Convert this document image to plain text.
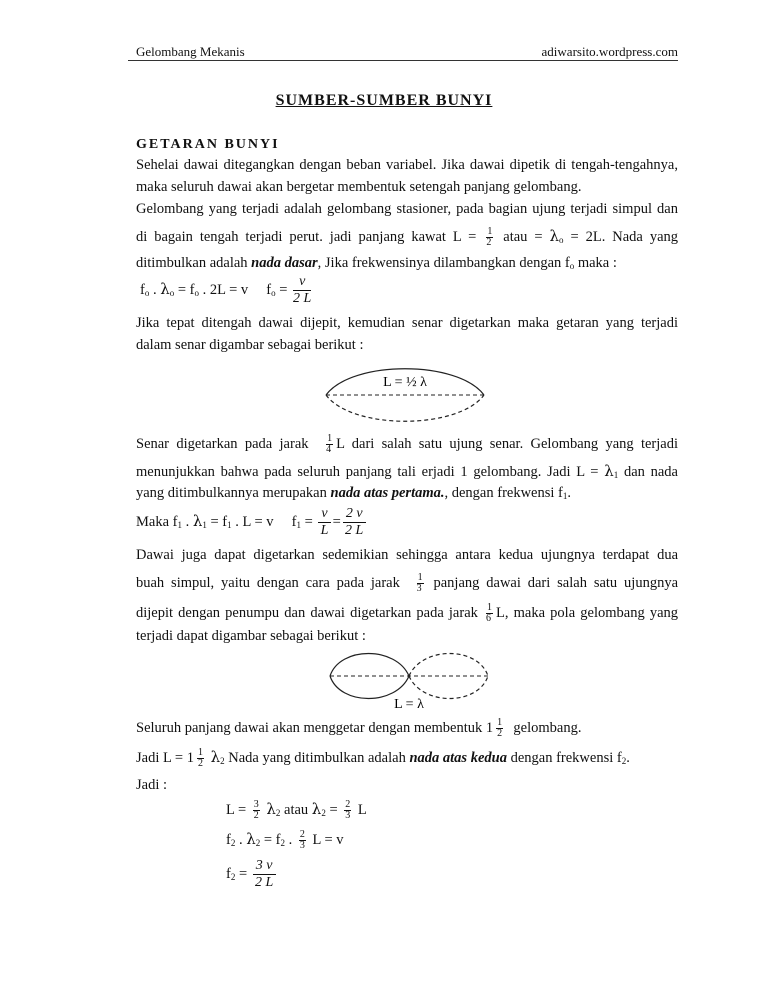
Gelombang Mekanis	adiwarsito.wordpress.com
SUMBER-SUMBER BUNYI
GETARAN BUNYI
Sehelai dawai ditegangkan dengan beban variabel. Jika dawai dipetik di tengah-tengahnya,
maka seluruh dawai akan bergetar membentuk setengah panjang gelombang.
Gelombang yang terjadi adalah gelombang stasioner, pada bagian ujung terjadi simpul dan
di bagain tengah terjadi perut. jadi panjang kawat $L = \frac{1}{2}$ atau = $\lambda_o = 2L$. Nada yang
ditimbulkan adalah nada dasar, Jika frekwensinya dilambangkan dengan $f_o$ maka :
$f_o$ . $\lambda_o = f_o$ . 2L = v $f_o = \frac{v}{2 L}$
Jika tepat ditengah dawai dijepit, kemudian senar digetarkan maka getaran yang terjadi
dalam senar digambar sebagai berikut :
L = ½ λ
Senar digetarkan pada jarak $\frac{1}{4}$ L dari salah satu ujung senar. Gelombang yang terjadi
menunjukkan bahwa pada seluruh panjang tali erjadi 1 gelombang. Jadi $L = \lambda_1$ dan nada
yang ditimbulkannya merupakan nada atas pertama., dengan frekwensi $f_1$.
Maka $f_1$ . $\lambda_1 = f_1$ . L = v $f_1 = \frac{v}{L} = \frac{2 v}{2 L}$
Dawai juga dapat digetarkan sedemikian sehingga antara kedua ujungnya terdapat dua
buah simpul, yaitu dengan cara pada jarak $\frac{1}{3}$ panjang dawai dari salah satu ujungnya
dijepit dengan penumpu dan dawai digetarkan pada jarak $\frac{1}{6} L$, maka pola gelombang yang
terjadi dapat digambar sebagai berikut :
L = λ
Seluruh panjang dawai akan menggetar dengan membentuk $1 \frac{1}{2}$ gelombang.
Jadi $L = 1 \frac{1}{2} \lambda_2$ Nada yang ditimbulkan adalah nada atas kedua dengan frekwensi $f_2$.
Jadi :
$L = \frac{3}{2} \lambda_2$ atau $\lambda_2 = \frac{2}{3}$ L
$f_2$ . $\lambda_2 = f_2$ . $\frac{2}{3}$ L = v
$f_2 = \frac{3 v}{2 L}$
